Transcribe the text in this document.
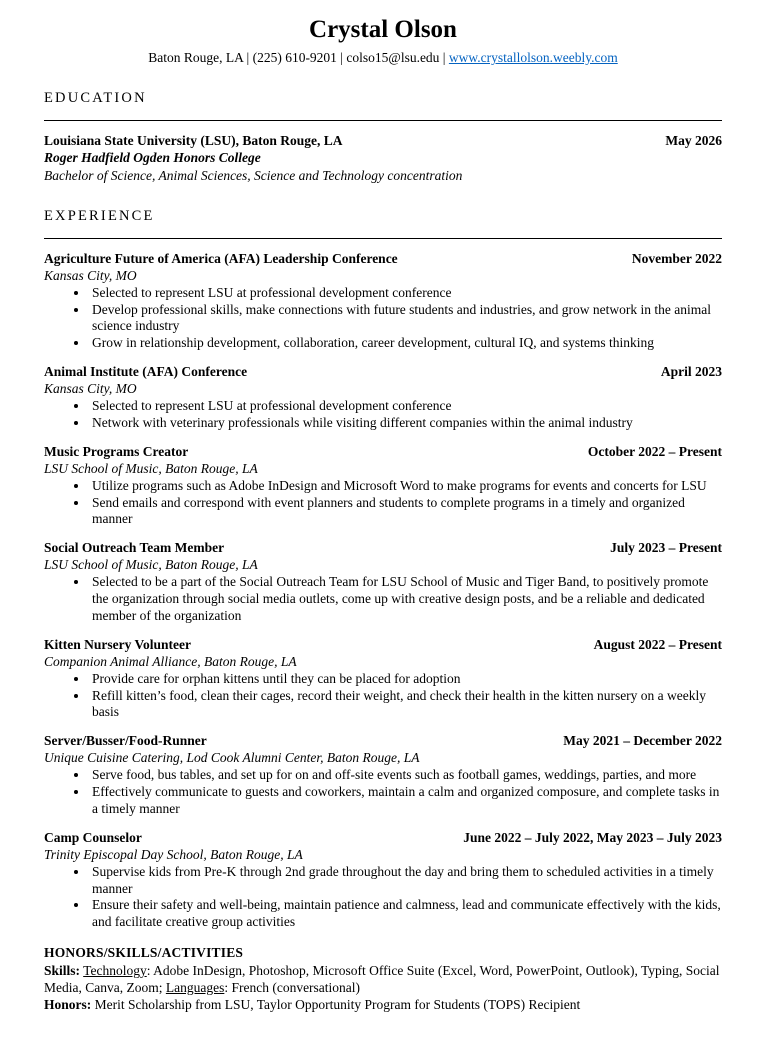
Crystal Olson
Baton Rouge, LA | (225) 610-9201 | colso15@lsu.edu | www.crystallolson.weebly.com
EDUCATION
Louisiana State University (LSU), Baton Rouge, LA	May 2026
Roger Hadfield Ogden Honors College
Bachelor of Science, Animal Sciences, Science and Technology concentration
EXPERIENCE
Agriculture Future of America (AFA) Leadership Conference	November 2022
Kansas City, MO
• Selected to represent LSU at professional development conference
• Develop professional skills, make connections with future students and industries, and grow network in the animal science industry
• Grow in relationship development, collaboration, career development, cultural IQ, and systems thinking
Animal Institute (AFA) Conference	April 2023
Kansas City, MO
• Selected to represent LSU at professional development conference
• Network with veterinary professionals while visiting different companies within the animal industry
Music Programs Creator	October 2022 – Present
LSU School of Music, Baton Rouge, LA
• Utilize programs such as Adobe InDesign and Microsoft Word to make programs for events and concerts for LSU
• Send emails and correspond with event planners and students to complete programs in a timely and organized manner
Social Outreach Team Member	July 2023 – Present
LSU School of Music, Baton Rouge, LA
• Selected to be a part of the Social Outreach Team for LSU School of Music and Tiger Band, to positively promote the organization through social media outlets, come up with creative design posts, and be a reliable and dedicated member of the organization
Kitten Nursery Volunteer	August 2022 – Present
Companion Animal Alliance, Baton Rouge, LA
• Provide care for orphan kittens until they can be placed for adoption
• Refill kitten’s food, clean their cages, record their weight, and check their health in the kitten nursery on a weekly basis
Server/Busser/Food-Runner	May 2021 – December 2022
Unique Cuisine Catering, Lod Cook Alumni Center, Baton Rouge, LA
• Serve food, bus tables, and set up for on and off-site events such as football games, weddings, parties, and more
• Effectively communicate to guests and coworkers, maintain a calm and organized composure, and complete tasks in a timely manner
Camp Counselor	June 2022 – July 2022, May 2023 – July 2023
Trinity Episcopal Day School, Baton Rouge, LA
• Supervise kids from Pre-K through 2nd grade throughout the day and bring them to scheduled activities in a timely manner
• Ensure their safety and well-being, maintain patience and calmness, lead and communicate effectively with the kids, and facilitate creative group activities
HONORS/SKILLS/ACTIVITIES

Skills: Technology: Adobe InDesign, Photoshop, Microsoft Office Suite (Excel, Word, PowerPoint, Outlook), Typing, Social Media, Canva, Zoom; Languages: French (conversational)

Honors: Merit Scholarship from LSU, Taylor Opportunity Program for Students (TOPS) Recipient
